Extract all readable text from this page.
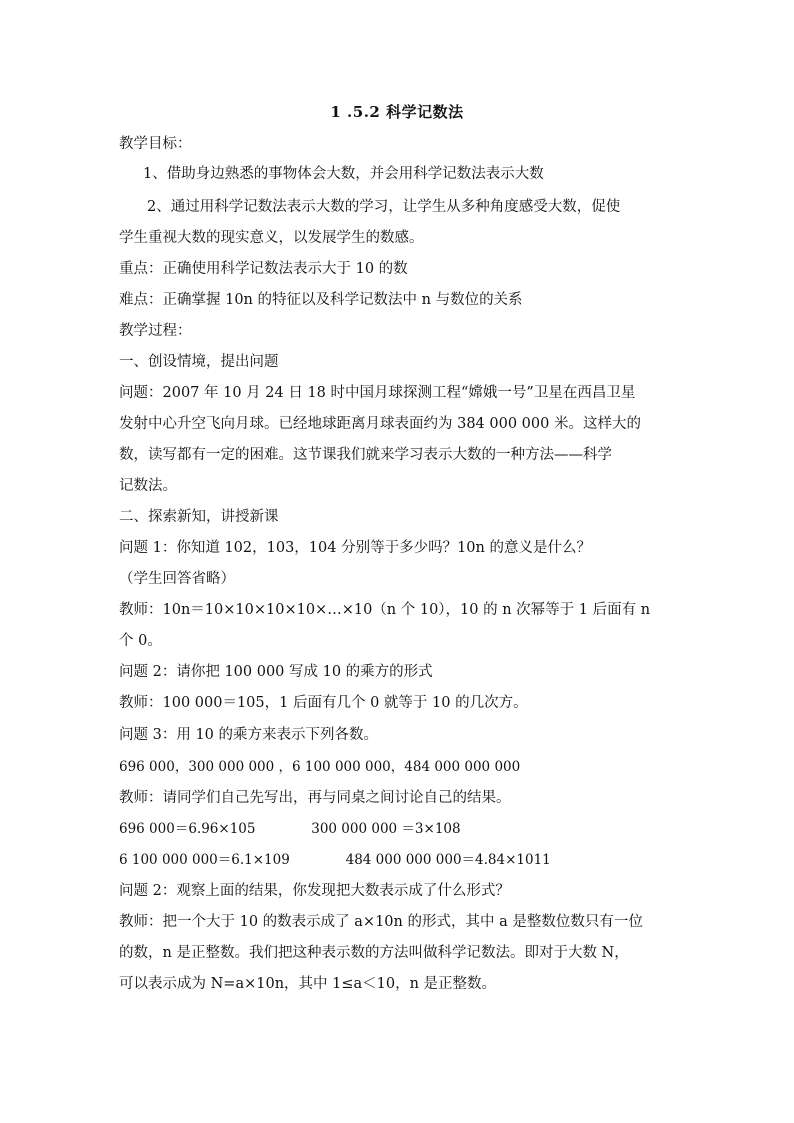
1 .5.2 科学记数法
教学目标：
1、借助身边熟悉的事物体会大数，并会用科学记数法表示大数
2、通过用科学记数法表示大数的学习，让学生从多种角度感受大数，促使
学生重视大数的现实意义，以发展学生的数感。
重点：正确使用科学记数法表示大于 10 的数
难点：正确掌握 10n 的特征以及科学记数法中 n 与数位的关系
教学过程：
一、创设情境，提出问题
问题：2007 年 10 月 24 日 18 时中国月球探测工程“嫦娥一号”卫星在西昌卫星
发射中心升空飞向月球。已经地球距离月球表面约为 384 000 000 米。这样大的
数，读写都有一定的困难。这节课我们就来学习表示大数的一种方法——科学
记数法。
二、探索新知，讲授新课
问题 1：你知道 102，103，104 分别等于多少吗？10n 的意义是什么？
（学生回答省略）
教师：10n＝10×10×10×10×…×10（n 个 10），10 的 n 次幂等于 1 后面有 n
个 0。
问题 2：请你把 100 000 写成 10 的乘方的形式
教师：100 000＝105，1 后面有几个 0 就等于 10 的几次方。
问题 3：用 10 的乘方来表示下列各数。
696 000，300 000 000 ，6 100 000 000，484 000 000 000
教师：请同学们自己先写出，再与同桌之间讨论自己的结果。
696 000＝6.96×105             300 000 000 ＝3×108
6 100 000 000＝6.1×109             484 000 000 000＝4.84×1011
问题 2：观察上面的结果，你发现把大数表示成了什么形式？
教师：把一个大于 10 的数表示成了 a×10n 的形式，其中 a 是整数位数只有一位
的数，n 是正整数。我们把这种表示数的方法叫做科学记数法。即对于大数 N，
可以表示成为 N=a×10n，其中 1≤a＜10，n 是正整数。
